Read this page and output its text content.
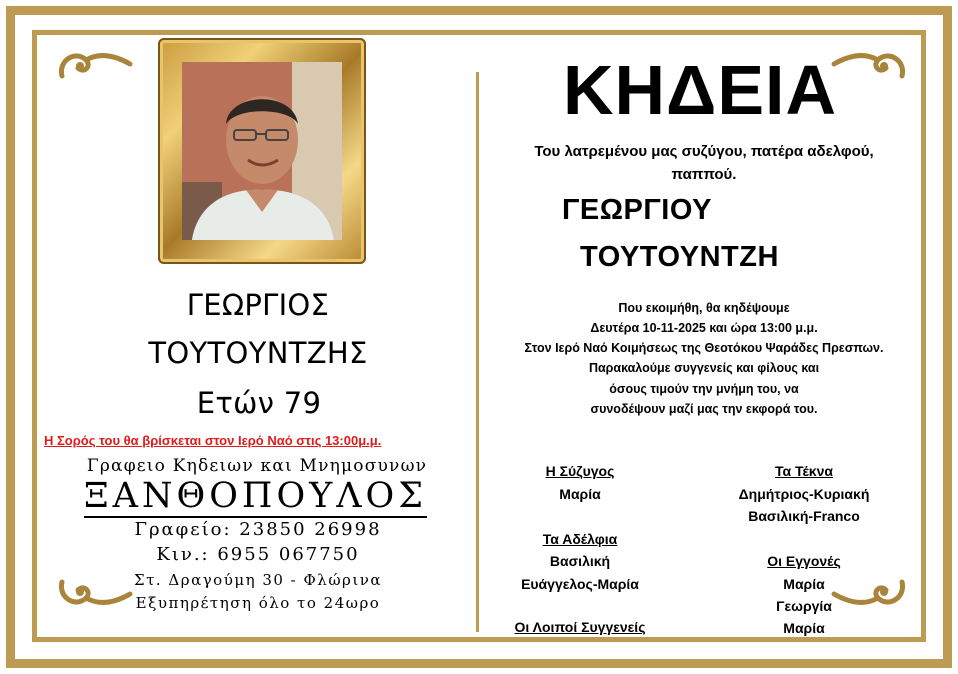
ΓΕΩΡΓΙΟΣ
ΤΟΥΤΟΥΝΤΖΗΣ
Ετών 79
Η Σορός του θα βρίσκεται στον Ιερό Ναό στις 13:00μ.μ.
Γραφειο Κηδειων και Μνημοσυνων
ΞΑΝΘΟΠΟΥΛΟΣ
Γραφείο: 23850 26998
Κιν.: 6955 067750
Στ. Δραγούμη 30 - Φλώρινα
Εξυπηρέτηση όλο το 24ωρο
ΚΗΔΕΙΑ
Του λατρεμένου μας συζύγου, πατέρα αδελφού,
παππού.
ΓΕΩΡΓΙΟΥ
ΤΟΥΤΟΥΝΤΖΗ
Που εκοιμήθη, θα κηδέψουμε
Δευτέρα 10-11-2025 και ώρα 13:00 μ.μ.
Στον Ιερό Ναό Κοιμήσεως της Θεοτόκου Ψαράδες Πρεσπων.
Παρακαλούμε συγγενείς και φίλους και
όσους τιμούν την μνήμη του, να
συνοδέψουν μαζί μας την εκφορά του.
Η Σύζυγος
Μαρία
Τα Αδέλφια
Βασιλική
Ευάγγελος-Μαρία
Οι Λοιποί Συγγενείς
Τα Τέκνα
Δημήτριος-Κυριακή
Βασιλική-Franco
Οι Εγγονές
Μαρία
Γεωργία
Μαρία
